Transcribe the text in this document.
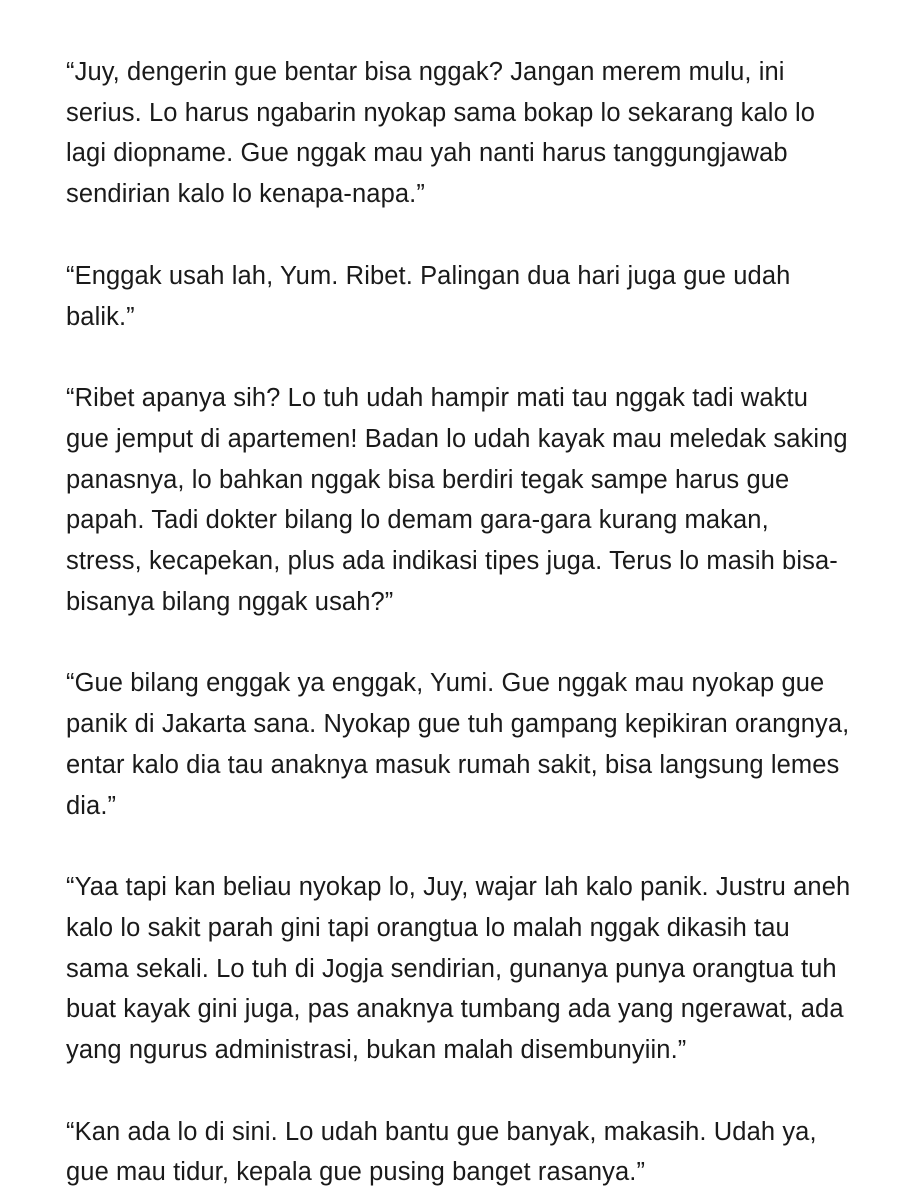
“Juy, dengerin gue bentar bisa nggak? Jangan merem mulu, ini
serius. Lo harus ngabarin nyokap sama bokap lo sekarang kalo lo
lagi diopname. Gue nggak mau yah nanti harus tanggungjawab
sendirian kalo lo kenapa-napa.”

“Enggak usah lah, Yum. Ribet. Palingan dua hari juga gue udah
balik.”

“Ribet apanya sih? Lo tuh udah hampir mati tau nggak tadi waktu
gue jemput di apartemen! Badan lo udah kayak mau meledak saking
panasnya, lo bahkan nggak bisa berdiri tegak sampe harus gue
papah. Tadi dokter bilang lo demam gara-gara kurang makan,
stress, kecapekan, plus ada indikasi tipes juga. Terus lo masih bisa-
bisanya bilang nggak usah?”

“Gue bilang enggak ya enggak, Yumi. Gue nggak mau nyokap gue
panik di Jakarta sana. Nyokap gue tuh gampang kepikiran orangnya,
entar kalo dia tau anaknya masuk rumah sakit, bisa langsung lemes
dia.”

“Yaa tapi kan beliau nyokap lo, Juy, wajar lah kalo panik. Justru aneh
kalo lo sakit parah gini tapi orangtua lo malah nggak dikasih tau
sama sekali. Lo tuh di Jogja sendirian, gunanya punya orangtua tuh
buat kayak gini juga, pas anaknya tumbang ada yang ngerawat, ada
yang ngurus administrasi, bukan malah disembunyiin.”

“Kan ada lo di sini. Lo udah bantu gue banyak, makasih. Udah ya,
gue mau tidur, kepala gue pusing banget rasanya.”
